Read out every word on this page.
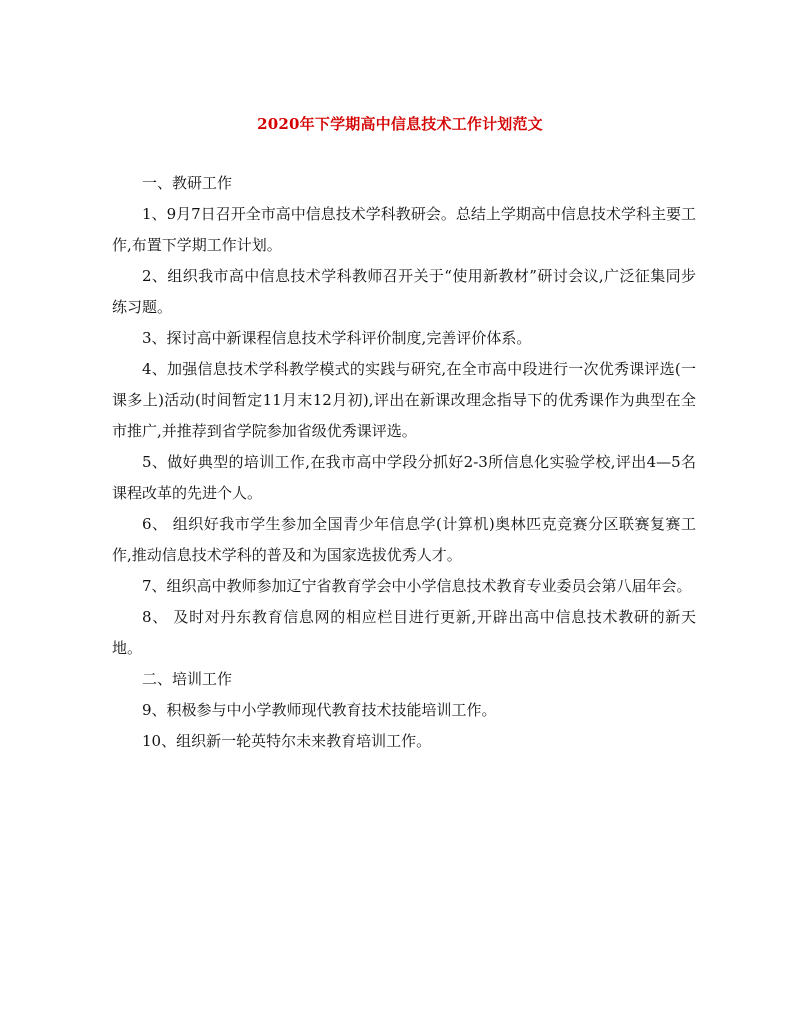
2020年下学期高中信息技术工作计划范文

一、教研工作

1、9月7日召开全市高中信息技术学科教研会。总结上学期高中信息技术学科主要工作,布置下学期工作计划。

2、组织我市高中信息技术学科教师召开关于“使用新教材”研讨会议,广泛征集同步练习题。

3、探讨高中新课程信息技术学科评价制度,完善评价体系。

4、加强信息技术学科教学模式的实践与研究,在全市高中段进行一次优秀课评选(一课多上)活动(时间暂定11月末12月初),评出在新课改理念指导下的优秀课作为典型在全市推广,并推荐到省学院参加省级优秀课评选。

5、做好典型的培训工作,在我市高中学段分抓好2-3所信息化实验学校,评出4—5名课程改革的先进个人。

6、 组织好我市学生参加全国青少年信息学(计算机)奥林匹克竞赛分区联赛复赛工作,推动信息技术学科的普及和为国家选拔优秀人才。

7、组织高中教师参加辽宁省教育学会中小学信息技术教育专业委员会第八届年会。

8、 及时对丹东教育信息网的相应栏目进行更新,开辟出高中信息技术教研的新天地。

二、培训工作

9、积极参与中小学教师现代教育技术技能培训工作。

10、组织新一轮英特尔未来教育培训工作。
